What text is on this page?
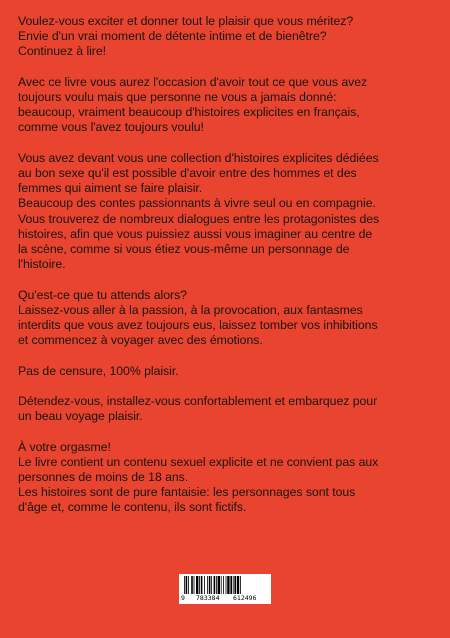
Voulez-vous exciter et donner tout le plaisir que vous méritez?
Envie d'un vrai moment de détente intime et de bienêtre?
Continuez à lire!

Avec ce livre vous aurez l'occasion d'avoir tout ce que vous avez
toujours voulu mais que personne ne vous a jamais donné:
beaucoup, vraiment beaucoup d'histoires explicites en français,
comme vous l'avez toujours voulu!

Vous avez devant vous une collection d'histoires explicites dédiées
au bon sexe qu'il est possible d'avoir entre des hommes et des
femmes qui aiment se faire plaisir.
Beaucoup des contes passionnants à vivre seul ou en compagnie.
Vous trouverez de nombreux dialogues entre les protagonistes des
histoires, afin que vous puissiez aussi vous imaginer au centre de
la scène, comme si vous étiez vous-même un personnage de
l'histoire.

Qu'est-ce que tu attends alors?
Laissez-vous aller à la passion, à la provocation, aux fantasmes
interdits que vous avez toujours eus, laissez tomber vos inhibitions
et commencez à voyager avec des émotions.

Pas de censure, 100% plaisir.

Détendez-vous, installez-vous confortablement et embarquez pour
un beau voyage plaisir.

À votre orgasme!
Le livre contient un contenu sexuel explicite et ne convient pas aux
personnes de moins de 18 ans.
Les histoires sont de pure fantaisie: les personnages sont tous
d'âge et, comme le contenu, ils sont fictifs.

9 783384 612496
